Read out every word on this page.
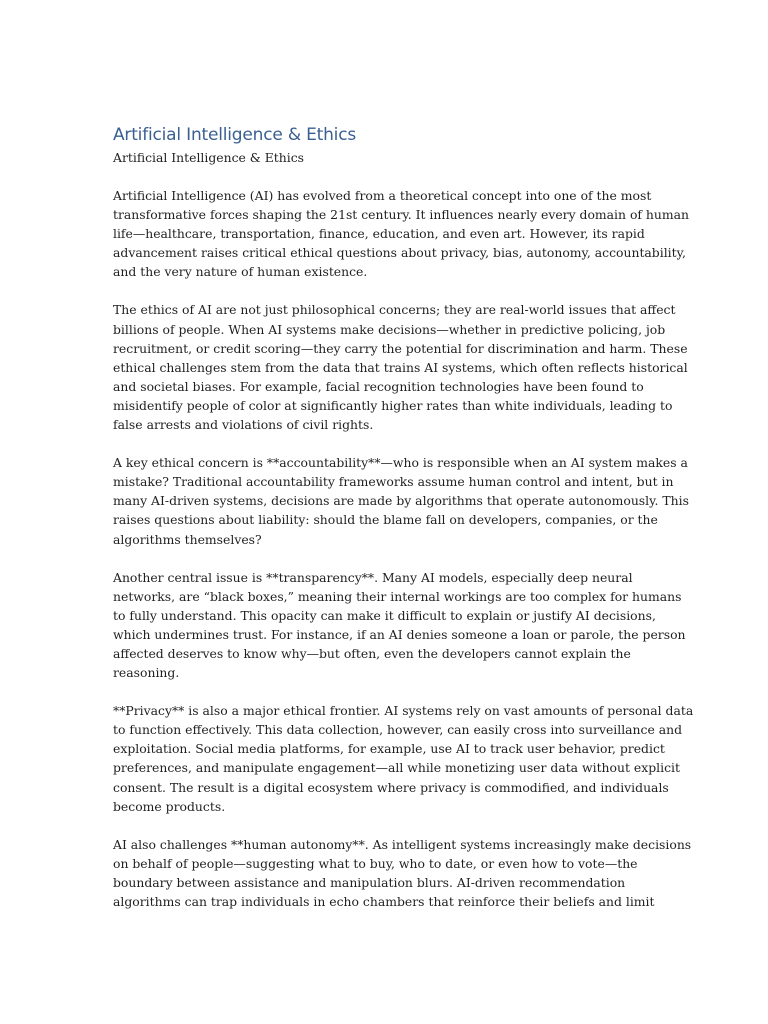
Artificial Intelligence & Ethics
Artificial Intelligence & Ethics

Artificial Intelligence (AI) has evolved from a theoretical concept into one of the most
transformative forces shaping the 21st century. It influences nearly every domain of human
life—healthcare, transportation, finance, education, and even art. However, its rapid
advancement raises critical ethical questions about privacy, bias, autonomy, accountability,
and the very nature of human existence.

The ethics of AI are not just philosophical concerns; they are real-world issues that affect
billions of people. When AI systems make decisions—whether in predictive policing, job
recruitment, or credit scoring—they carry the potential for discrimination and harm. These
ethical challenges stem from the data that trains AI systems, which often reflects historical
and societal biases. For example, facial recognition technologies have been found to
misidentify people of color at significantly higher rates than white individuals, leading to
false arrests and violations of civil rights.

A key ethical concern is **accountability**—who is responsible when an AI system makes a
mistake? Traditional accountability frameworks assume human control and intent, but in
many AI-driven systems, decisions are made by algorithms that operate autonomously. This
raises questions about liability: should the blame fall on developers, companies, or the
algorithms themselves?

Another central issue is **transparency**. Many AI models, especially deep neural
networks, are “black boxes,” meaning their internal workings are too complex for humans
to fully understand. This opacity can make it difficult to explain or justify AI decisions,
which undermines trust. For instance, if an AI denies someone a loan or parole, the person
affected deserves to know why—but often, even the developers cannot explain the
reasoning.

**Privacy** is also a major ethical frontier. AI systems rely on vast amounts of personal data
to function effectively. This data collection, however, can easily cross into surveillance and
exploitation. Social media platforms, for example, use AI to track user behavior, predict
preferences, and manipulate engagement—all while monetizing user data without explicit
consent. The result is a digital ecosystem where privacy is commodified, and individuals
become products.

AI also challenges **human autonomy**. As intelligent systems increasingly make decisions
on behalf of people—suggesting what to buy, who to date, or even how to vote—the
boundary between assistance and manipulation blurs. AI-driven recommendation
algorithms can trap individuals in echo chambers that reinforce their beliefs and limit
